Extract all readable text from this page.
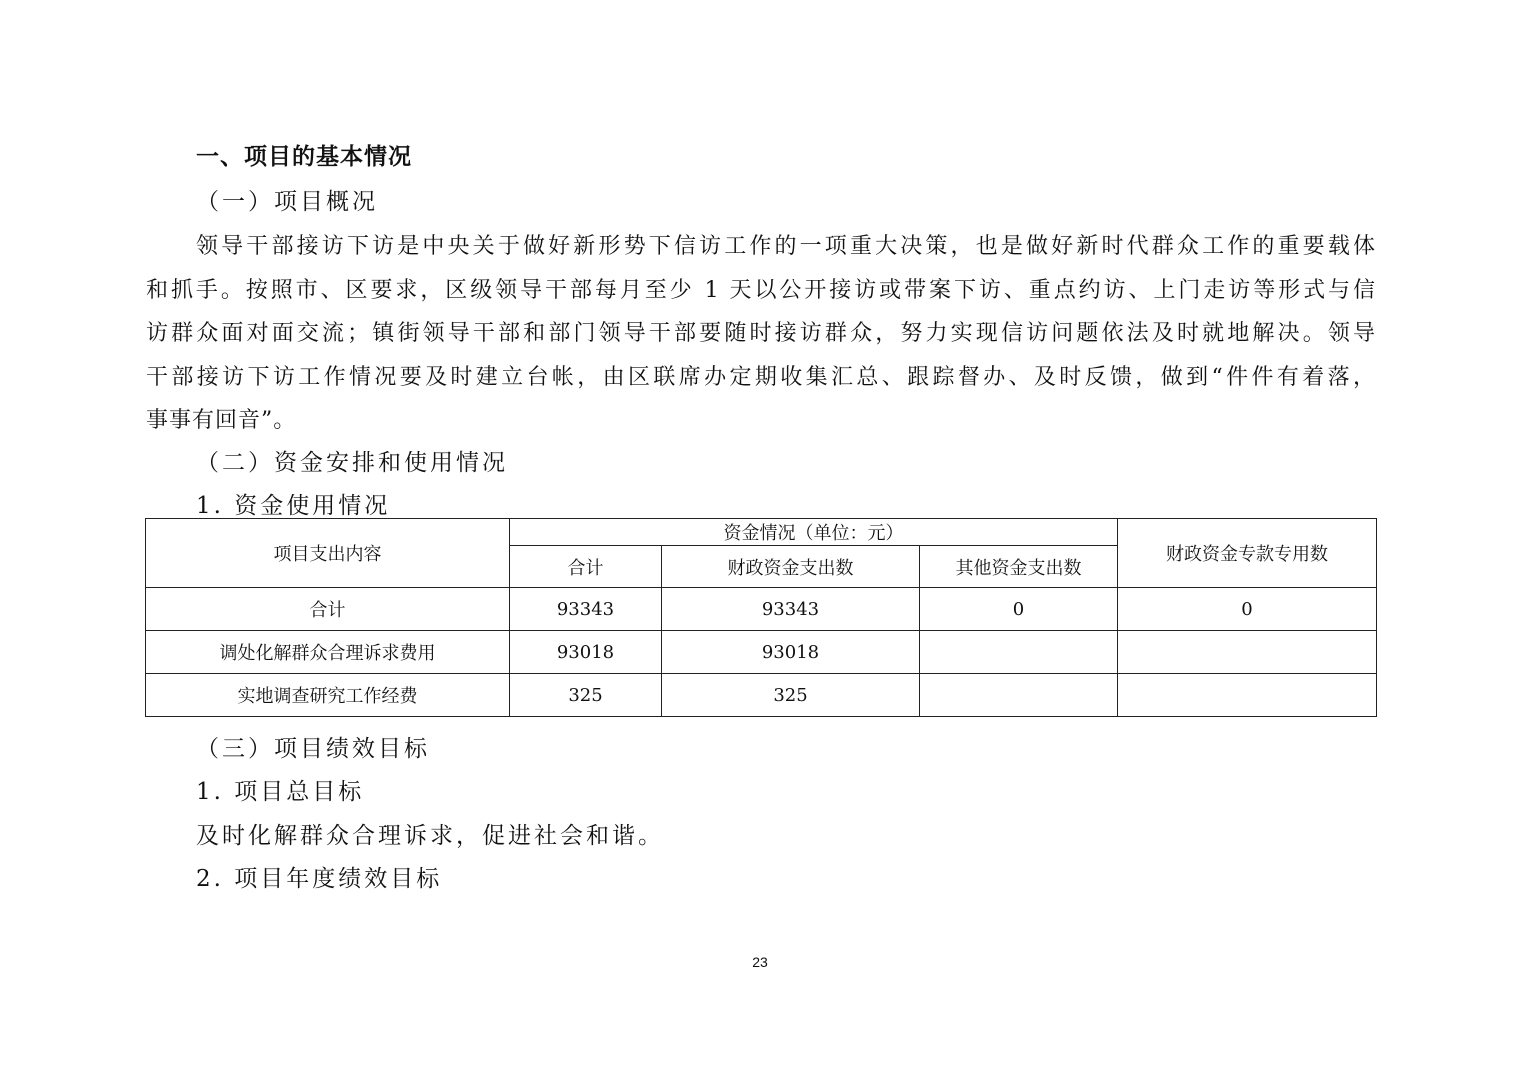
一、项目的基本情况
（一）项目概况

领导干部接访下访是中央关于做好新形势下信访工作的一项重大决策，也是做好新时代群众工作的重要载体

和抓手。按照市、区要求，区级领导干部每月至少 1 天以公开接访或带案下访、重点约访、上门走访等形式与信

访群众面对面交流；镇街领导干部和部门领导干部要随时接访群众，努力实现信访问题依法及时就地解决。领导

干部接访下访工作情况要及时建立台帐，由区联席办定期收集汇总、跟踪督办、及时反馈，做到“件件有着落，

事事有回音”。

（二）资金安排和使用情况
1. 资金使用情况
项目支出内容	资金情况（单位：元）			财政资金专款专用数
	合计	财政资金支出数	其他资金支出数	
合计	93343	93343	0	0
调处化解群众合理诉求费用	93018	93018		
实地调查研究工作经费	325	325		
（三）项目绩效目标
1. 项目总目标
及时化解群众合理诉求，促进社会和谐。
2. 项目年度绩效目标
23
